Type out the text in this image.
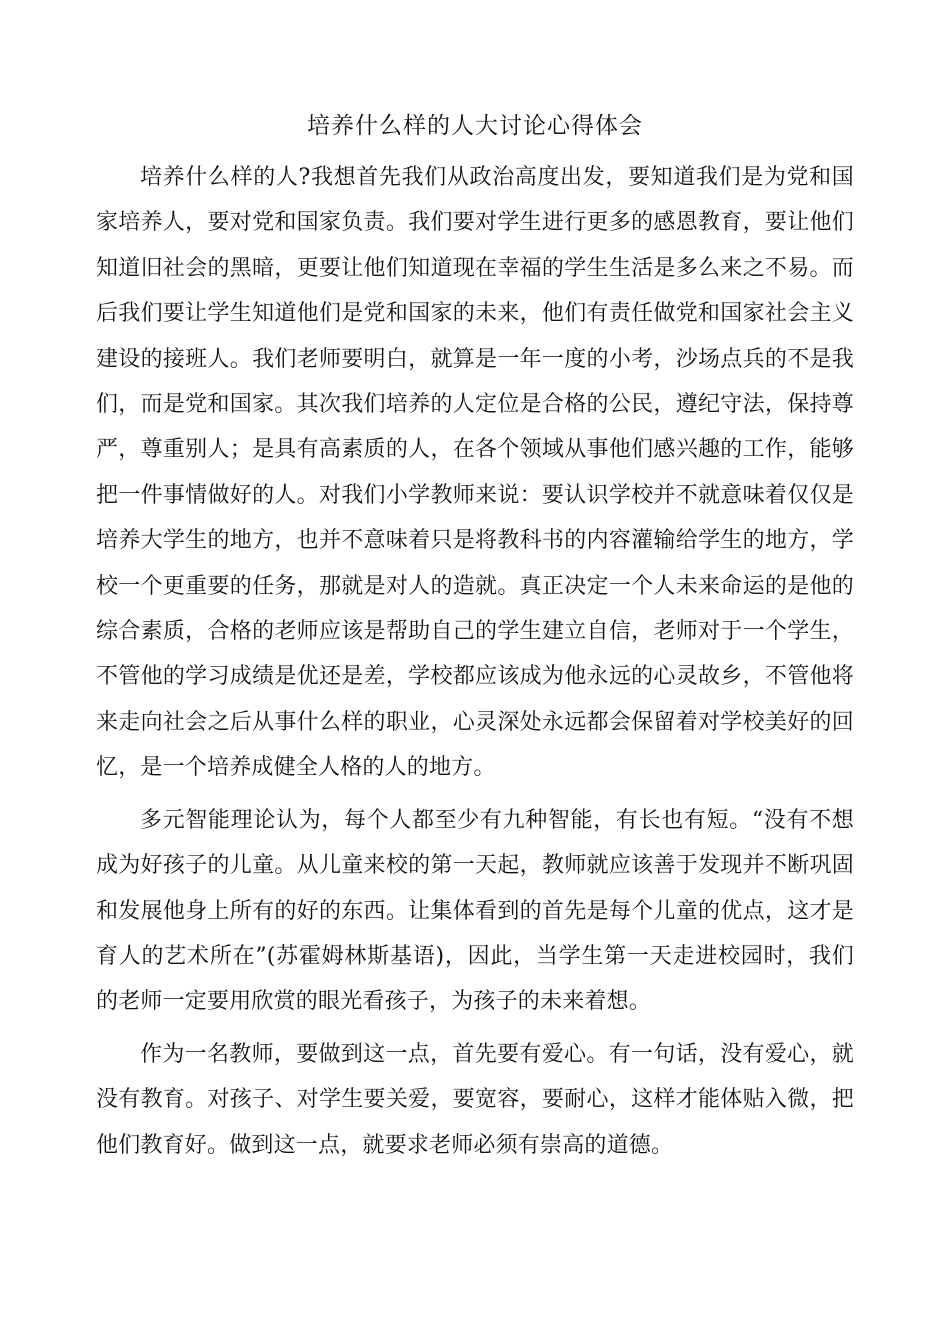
培养什么样的人大讨论心得体会

培养什么样的人?我想首先我们从政治高度出发，要知道我们是为党和国家培养人，要对党和国家负责。我们要对学生进行更多的感恩教育，要让他们知道旧社会的黑暗，更要让他们知道现在幸福的学生生活是多么来之不易。而后我们要让学生知道他们是党和国家的未来，他们有责任做党和国家社会主义建设的接班人。我们老师要明白，就算是一年一度的小考，沙场点兵的不是我们，而是党和国家。其次我们培养的人定位是合格的公民，遵纪守法，保持尊严，尊重别人；是具有高素质的人，在各个领域从事他们感兴趣的工作，能够把一件事情做好的人。对我们小学教师来说：要认识学校并不就意味着仅仅是培养大学生的地方，也并不意味着只是将教科书的内容灌输给学生的地方，学校一个更重要的任务，那就是对人的造就。真正决定一个人未来命运的是他的综合素质，合格的老师应该是帮助自己的学生建立自信，老师对于一个学生，不管他的学习成绩是优还是差，学校都应该成为他永远的心灵故乡，不管他将来走向社会之后从事什么样的职业，心灵深处永远都会保留着对学校美好的回忆，是一个培养成健全人格的人的地方。

多元智能理论认为，每个人都至少有九种智能，有长也有短。“没有不想成为好孩子的儿童。从儿童来校的第一天起，教师就应该善于发现并不断巩固和发展他身上所有的好的东西。让集体看到的首先是每个儿童的优点，这才是育人的艺术所在”(苏霍姆林斯基语)，因此，当学生第一天走进校园时，我们的老师一定要用欣赏的眼光看孩子，为孩子的未来着想。

作为一名教师，要做到这一点，首先要有爱心。有一句话，没有爱心，就没有教育。对孩子、对学生要关爱，要宽容，要耐心，这样才能体贴入微，把他们教育好。做到这一点，就要求老师必须有崇高的道德。
